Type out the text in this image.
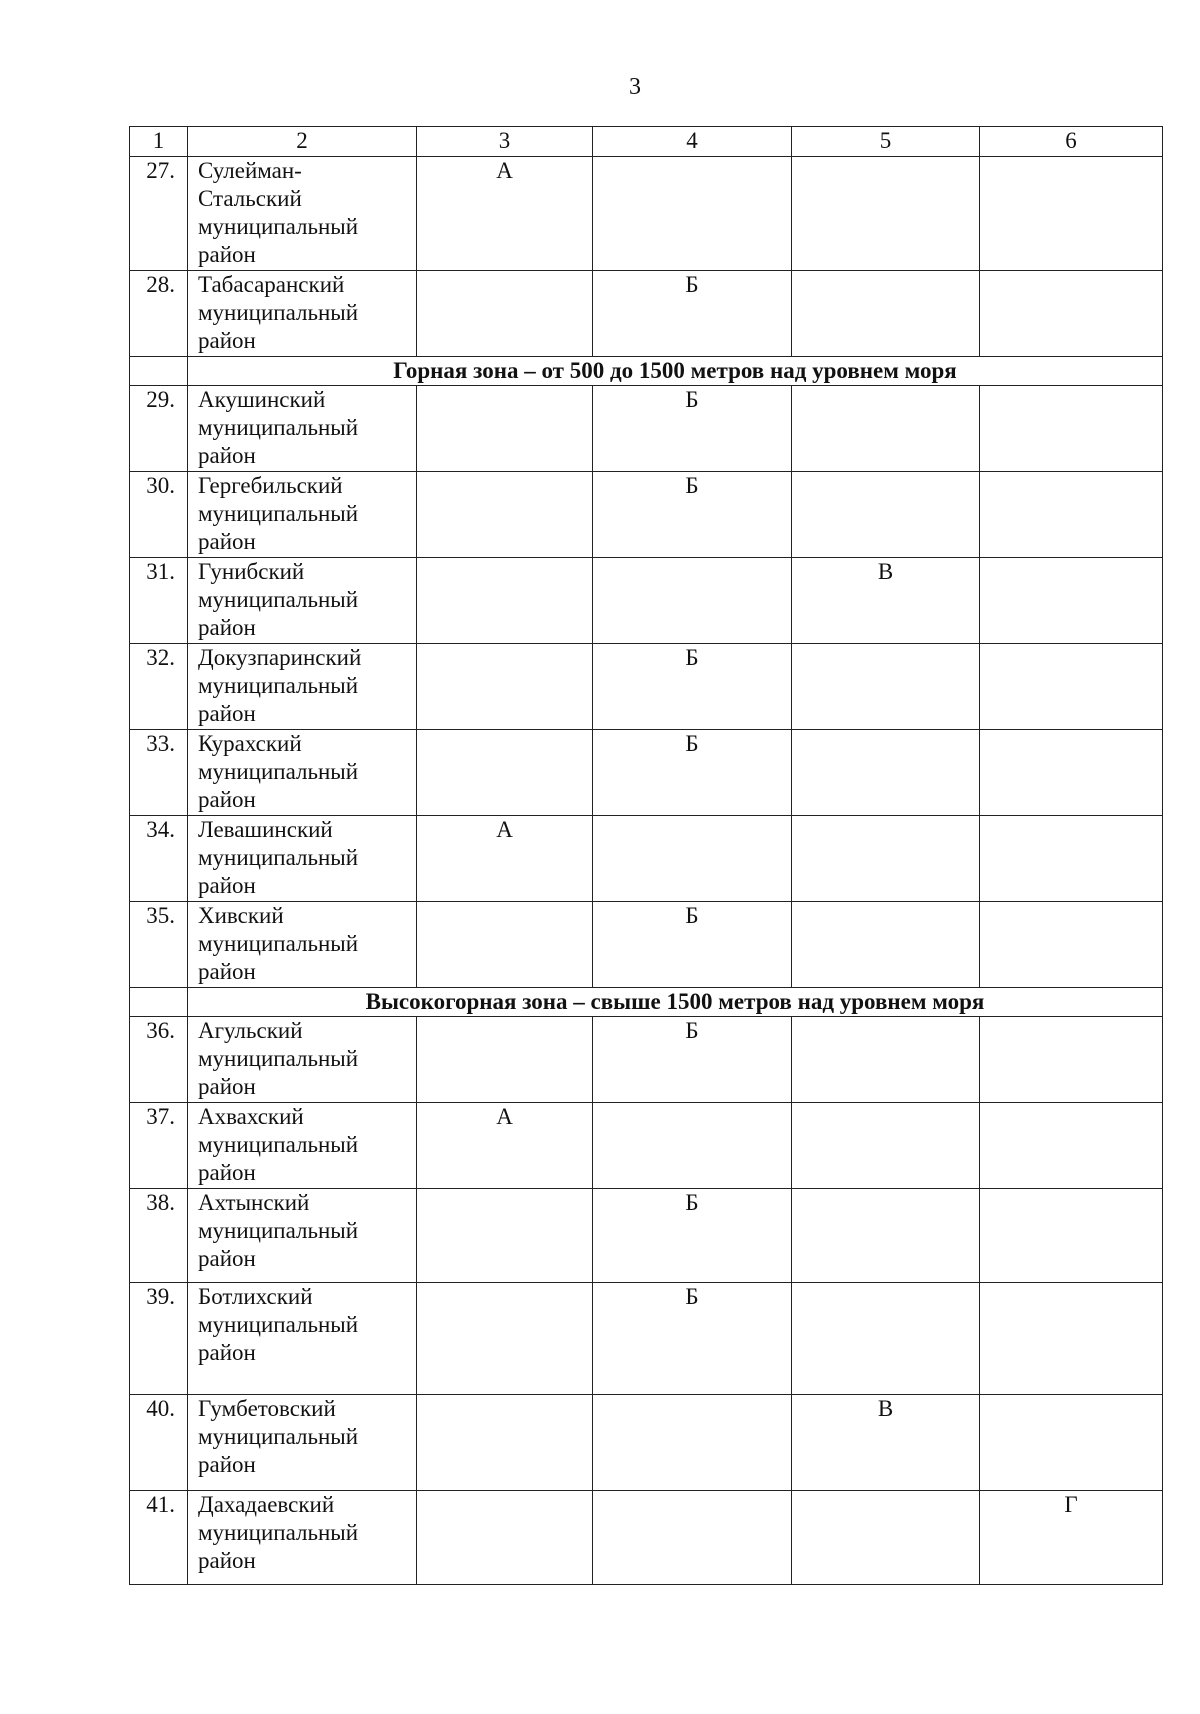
3
1	2	3	4	5	6
27.	Сулейман-
Стальский
муниципальный
район	А			
28.	Табасаранский
муниципальный
район		Б		
	Горная зона – от 500 до 1500 метров над уровнем моря				
29.	Акушинский
муниципальный
район		Б		
30.	Гергебильский
муниципальный
район		Б		
31.	Гунибский
муниципальный
район			В	
32.	Докузпаринский
муниципальный
район		Б		
33.	Курахский
муниципальный
район		Б		
34.	Левашинский
муниципальный
район	А			
35.	Хивский
муниципальный
район		Б		
	Высокогорная зона – свыше 1500 метров над уровнем моря				
36.	Агульский
муниципальный
район		Б		
37.	Ахвахский
муниципальный
район	А			
38.	Ахтынский
муниципальный
район		Б		
39.	Ботлихский
муниципальный
район		Б		
40.	Гумбетовский
муниципальный
район			В	
41.	Дахадаевский
муниципальный
район				Г
